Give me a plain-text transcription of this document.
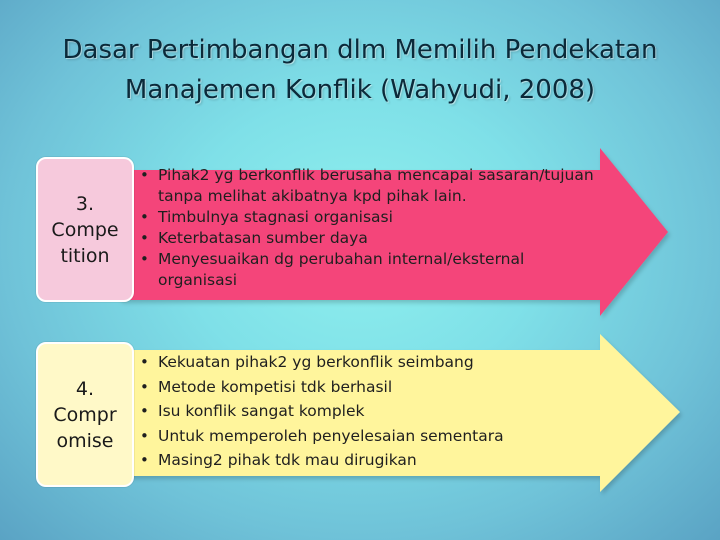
Dasar Pertimbangan dlm Memilih Pendekatan
Manajemen Konflik (Wahyudi, 2008)
3.
Compe
tition
4.
Compr
omise
• Pihak2 yg berkonflik berusaha mencapai sasaran/tujuan tanpa melihat akibatnya kpd pihak lain.
• Timbulnya stagnasi organisasi
• Keterbatasan sumber daya
• Menyesuaikan dg perubahan internal/eksternal organisasi
• Kekuatan pihak2 yg berkonflik seimbang
• Metode kompetisi tdk berhasil
• Isu konflik sangat komplek
• Untuk memperoleh penyelesaian sementara
• Masing2 pihak tdk mau dirugikan
